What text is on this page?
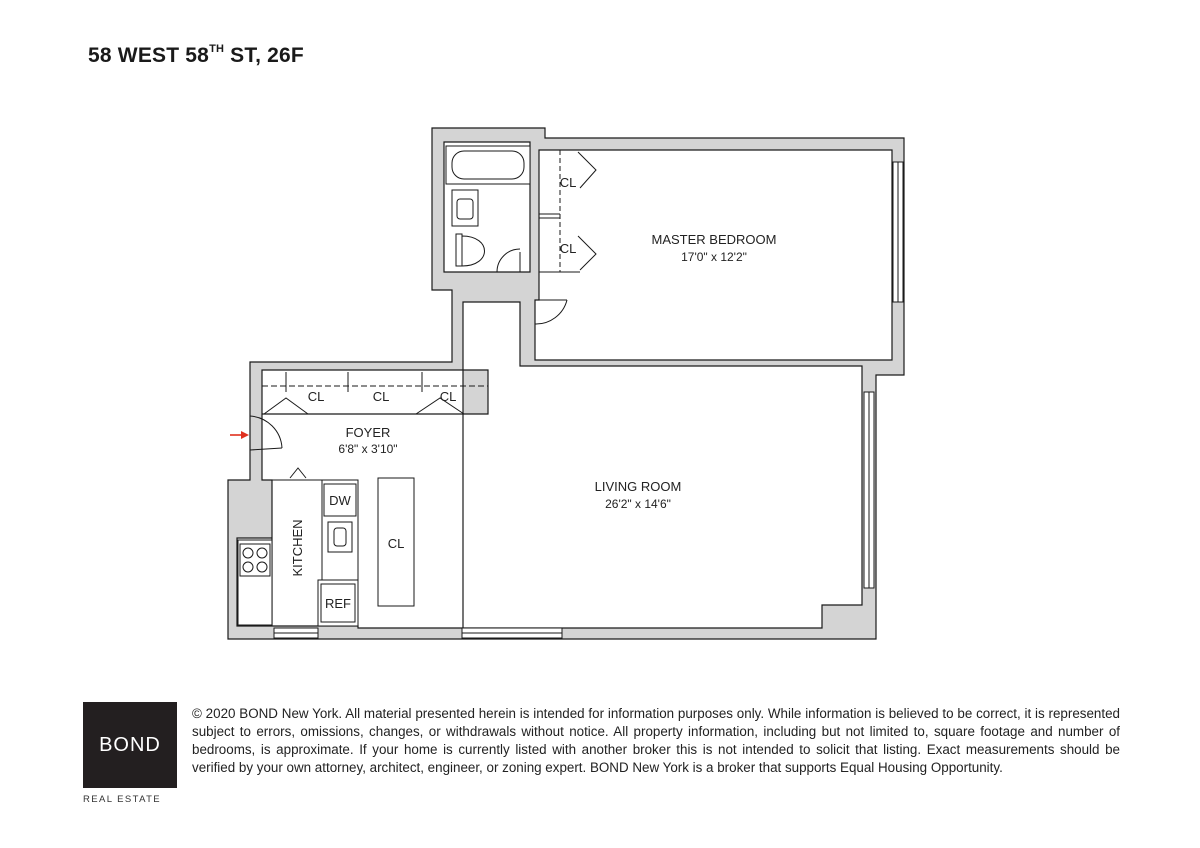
58 WEST 58TH ST, 26F
MASTER BEDROOM
17'0" x 12'2"
LIVING ROOM
26'2" x 14'6"
FOYER
6'8" x 3'10"
KITCHEN
CL
CL
CL	CL	CL
CL
DW
REF
BOND
REAL ESTATE
© 2020 BOND New York. All material presented herein is intended for information purposes only. While information is believed to be correct, it is represented subject to errors, omissions, changes, or withdrawals without notice. All property information, including but not limited to, square footage and number of bedrooms, is approximate. If your home is currently listed with another broker this is not intended to solicit that listing. Exact measurements should be verified by your own attorney, architect, engineer, or zoning expert. BOND New York is a broker that supports Equal Housing Opportunity.
